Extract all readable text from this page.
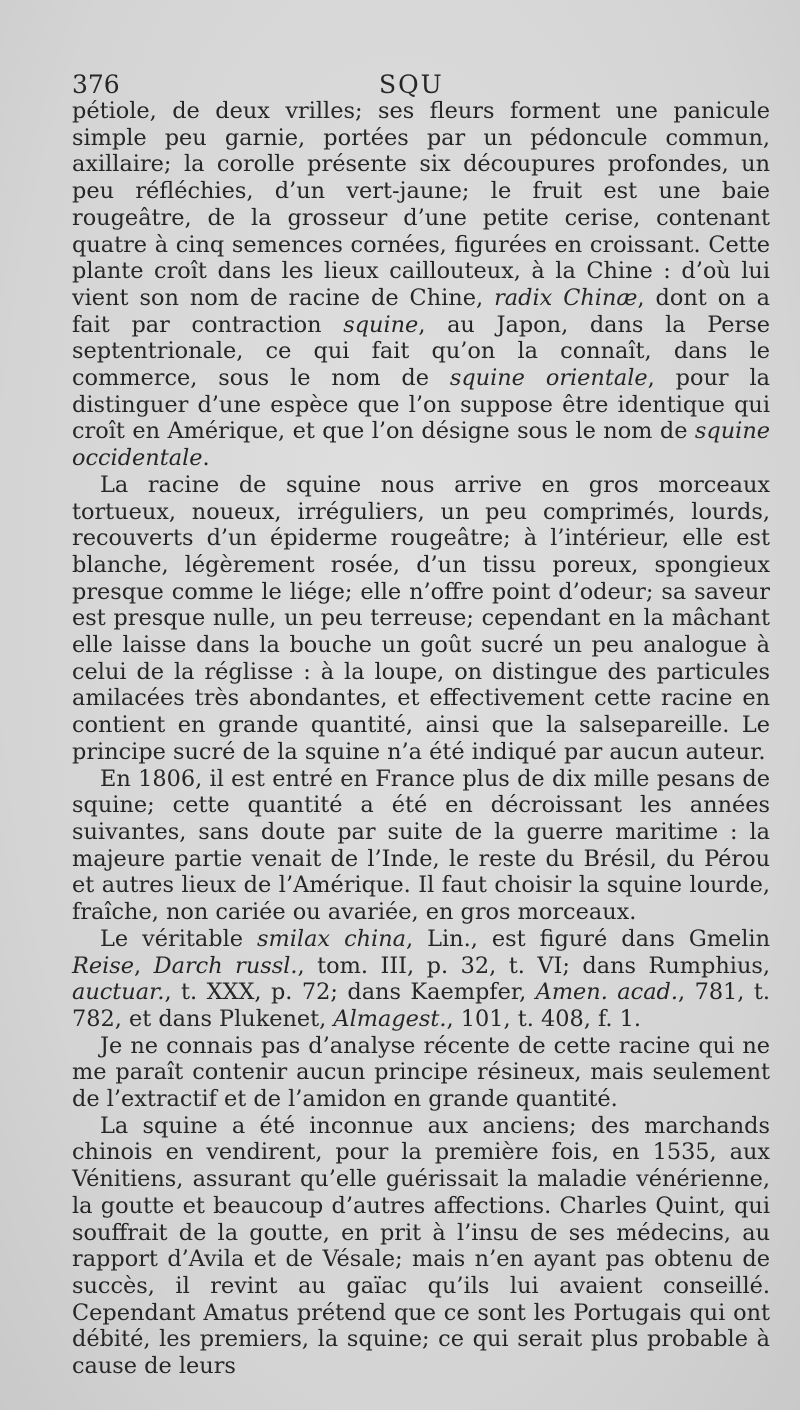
376	SQU

pétiole, de deux vrilles; ses fleurs forment une panicule simple peu garnie, portées par un pédoncule commun, axillaire; la corolle présente six découpures profondes, un peu réfléchies, d’un vert-jaune; le fruit est une baie rougeâtre, de la grosseur d’une petite cerise, contenant quatre à cinq semences cornées, figurées en croissant. Cette plante croît dans les lieux caillouteux, à la Chine : d’où lui vient son nom de racine de Chine, radix Chinæ, dont on a fait par contraction squine, au Japon, dans la Perse septentrionale, ce qui fait qu’on la connaît, dans le commerce, sous le nom de squine orientale, pour la distinguer d’une espèce que l’on suppose être identique qui croît en Amérique, et que l’on désigne sous le nom de squine occidentale.

La racine de squine nous arrive en gros morceaux tortueux, noueux, irréguliers, un peu comprimés, lourds, recouverts d’un épiderme rougeâtre; à l’intérieur, elle est blanche, légèrement rosée, d’un tissu poreux, spongieux presque comme le liége; elle n’offre point d’odeur; sa saveur est presque nulle, un peu terreuse; cependant en la mâchant elle laisse dans la bouche un goût sucré un peu analogue à celui de la réglisse : à la loupe, on distingue des particules amilacées très abondantes, et effectivement cette racine en contient en grande quantité, ainsi que la salsepareille. Le principe sucré de la squine n’a été indiqué par aucun auteur.

En 1806, il est entré en France plus de dix mille pesans de squine; cette quantité a été en décroissant les années suivantes, sans doute par suite de la guerre maritime : la majeure partie venait de l’Inde, le reste du Brésil, du Pérou et autres lieux de l’Amérique. Il faut choisir la squine lourde, fraîche, non cariée ou avariée, en gros morceaux.

Le véritable smilax china, Lin., est figuré dans Gmelin Reise, Darch russl., tom. III, p. 32, t. VI; dans Rumphius, auctuar., t. XXX, p. 72; dans Kaempfer, Amen. acad., 781, t. 782, et dans Plukenet, Almagest., 101, t. 408, f. 1.

Je ne connais pas d’analyse récente de cette racine qui ne me paraît contenir aucun principe résineux, mais seulement de l’extractif et de l’amidon en grande quantité.

La squine a été inconnue aux anciens; des marchands chinois en vendirent, pour la première fois, en 1535, aux Vénitiens, assurant qu’elle guérissait la maladie vénérienne, la goutte et beaucoup d’autres affections. Charles Quint, qui souffrait de la goutte, en prit à l’insu de ses médecins, au rapport d’Avila et de Vésale; mais n’en ayant pas obtenu de succès, il revint au gaïac qu’ils lui avaient conseillé. Cependant Amatus prétend que ce sont les Portugais qui ont débité, les premiers, la squine; ce qui serait plus probable à cause de leurs
